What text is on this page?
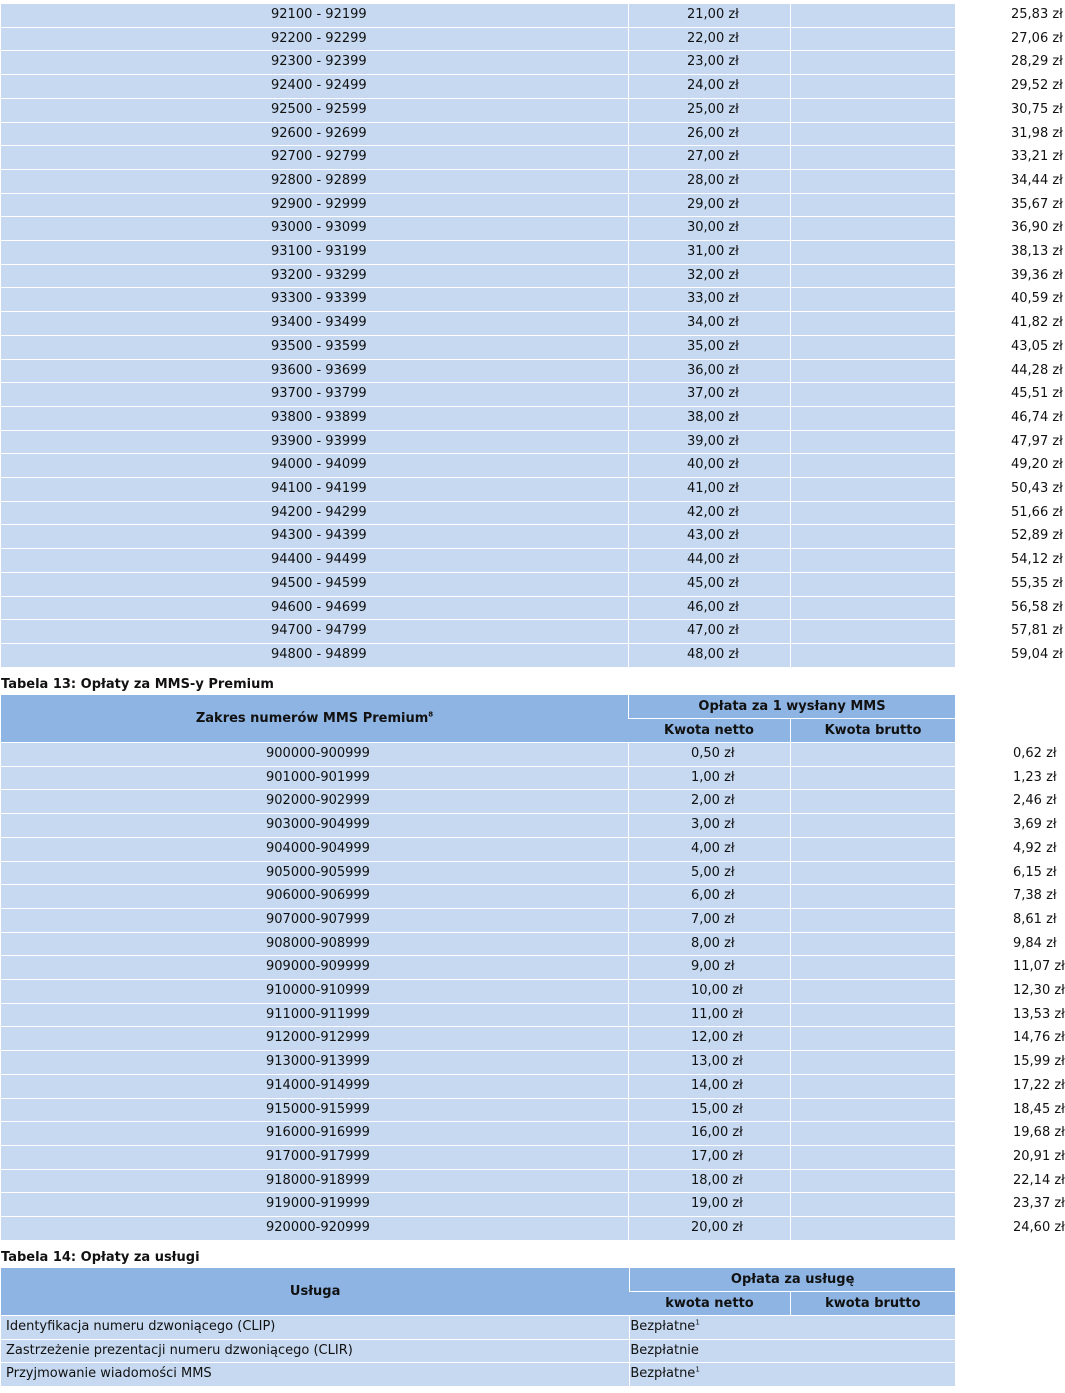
92100 - 92199	21,00 zł	25,83 zł
92200 - 92299	22,00 zł	27,06 zł
92300 - 92399	23,00 zł	28,29 zł
92400 - 92499	24,00 zł	29,52 zł
92500 - 92599	25,00 zł	30,75 zł
92600 - 92699	26,00 zł	31,98 zł
92700 - 92799	27,00 zł	33,21 zł
92800 - 92899	28,00 zł	34,44 zł
92900 - 92999	29,00 zł	35,67 zł
93000 - 93099	30,00 zł	36,90 zł
93100 - 93199	31,00 zł	38,13 zł
93200 - 93299	32,00 zł	39,36 zł
93300 - 93399	33,00 zł	40,59 zł
93400 - 93499	34,00 zł	41,82 zł
93500 - 93599	35,00 zł	43,05 zł
93600 - 93699	36,00 zł	44,28 zł
93700 - 93799	37,00 zł	45,51 zł
93800 - 93899	38,00 zł	46,74 zł
93900 - 93999	39,00 zł	47,97 zł
94000 - 94099	40,00 zł	49,20 zł
94100 - 94199	41,00 zł	50,43 zł
94200 - 94299	42,00 zł	51,66 zł
94300 - 94399	43,00 zł	52,89 zł
94400 - 94499	44,00 zł	54,12 zł
94500 - 94599	45,00 zł	55,35 zł
94600 - 94699	46,00 zł	56,58 zł
94700 - 94799	47,00 zł	57,81 zł
94800 - 94899	48,00 zł	59,04 zł
Tabela 13: Opłaty za MMS-y Premium
Zakres numerów MMS Premium$^8$	Opłata za 1 wysłany MMS	
	Kwota netto	Kwota brutto
900000-900999	0,50 zł	0,62 zł
901000-901999	1,00 zł	1,23 zł
902000-902999	2,00 zł	2,46 zł
903000-904999	3,00 zł	3,69 zł
904000-904999	4,00 zł	4,92 zł
905000-905999	5,00 zł	6,15 zł
906000-906999	6,00 zł	7,38 zł
907000-907999	7,00 zł	8,61 zł
908000-908999	8,00 zł	9,84 zł
909000-909999	9,00 zł	11,07 zł
910000-910999	10,00 zł	12,30 zł
911000-911999	11,00 zł	13,53 zł
912000-912999	12,00 zł	14,76 zł
913000-913999	13,00 zł	15,99 zł
914000-914999	14,00 zł	17,22 zł
915000-915999	15,00 zł	18,45 zł
916000-916999	16,00 zł	19,68 zł
917000-917999	17,00 zł	20,91 zł
918000-918999	18,00 zł	22,14 zł
919000-919999	19,00 zł	23,37 zł
920000-920999	20,00 zł	24,60 zł
Tabela 14: Opłaty za usługi
Usługa	Opłata za usługę	
	kwota netto	kwota brutto
Identyfikacja numeru dzwoniącego (CLIP)	Bezpłatne$^1$
Zastrzeżenie prezentacji numeru dzwoniącego (CLIR)	Bezpłatnie	
Przyjmowanie wiadomości MMS	Bezpłatne$^1$
